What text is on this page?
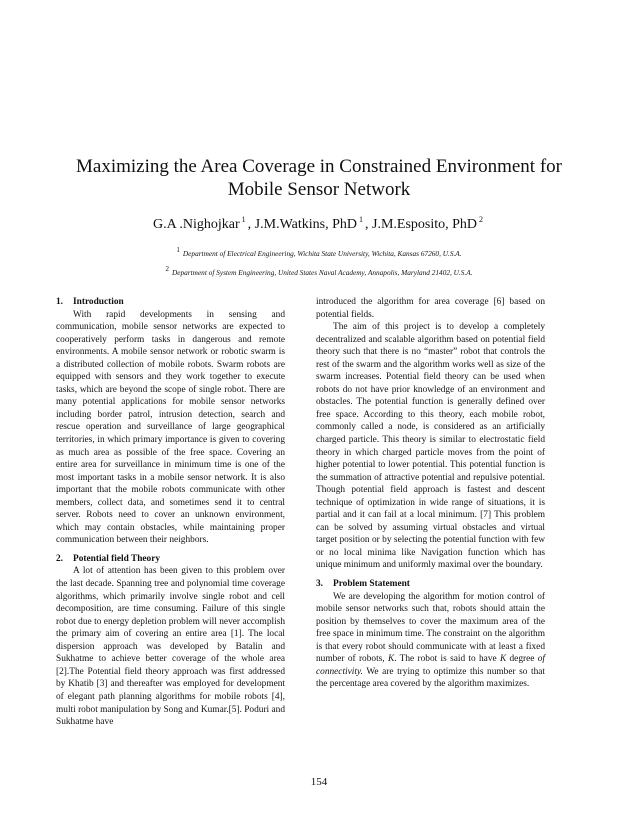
Maximizing the Area Coverage in Constrained Environment for Mobile Sensor Network
G.A .Nighojkar $^1$ , J.M.Watkins, PhD $^1$ , J.M.Esposito, PhD $^2$
$^1$ Department of Electrical Engineering, Wichita State University, Wichita, Kansas 67260, U.S.A.
$^2$ Department of System Engineering, United States Naval Academy, Annapolis, Maryland 21402, U.S.A.
1. Introduction

With rapid developments in sensing and communication, mobile sensor networks are expected to cooperatively perform tasks in dangerous and remote environments. A mobile sensor network or robotic swarm is a distributed collection of mobile robots. Swarm robots are equipped with sensors and they work together to execute tasks, which are beyond the scope of single robot. There are many potential applications for mobile sensor networks including border patrol, intrusion detection, search and rescue operation and surveillance of large geographical territories, in which primary importance is given to covering as much area as possible of the free space. Covering an entire area for surveillance in minimum time is one of the most important tasks in a mobile sensor network. It is also important that the mobile robots communicate with other members, collect data, and sometimes send it to central server. Robots need to cover an unknown environment, which may contain obstacles, while maintaining proper communication between their neighbors.

2. Potential field Theory

A lot of attention has been given to this problem over the last decade. Spanning tree and polynomial time coverage algorithms, which primarily involve single robot and cell decomposition, are time consuming. Failure of this single robot due to energy depletion problem will never accomplish the primary aim of covering an entire area [1]. The local dispersion approach was developed by Batalin and Sukhatme to achieve better coverage of the whole area [2].The Potential field theory approach was first addressed by Khatib [3] and thereafter was employed for development of elegant path planning algorithms for mobile robots [4], multi robot manipulation by Song and Kumar.[5]. Poduri and Sukhatme have

introduced the algorithm for area coverage [6] based on potential fields.

The aim of this project is to develop a completely decentralized and scalable algorithm based on potential field theory such that there is no “master” robot that controls the rest of the swarm and the algorithm works well as size of the swarm increases. Potential field theory can be used when robots do not have prior knowledge of an environment and obstacles. The potential function is generally defined over free space. According to this theory, each mobile robot, commonly called a node, is considered as an artificially charged particle. This theory is similar to electrostatic field theory in which charged particle moves from the point of higher potential to lower potential. This potential function is the summation of attractive potential and repulsive potential. Though potential field approach is fastest and descent technique of optimization in wide range of situations, it is partial and it can fail at a local minimum. [7] This problem can be solved by assuming virtual obstacles and virtual target position or by selecting the potential function with few or no local minima like Navigation function which has unique minimum and uniformly maximal over the boundary.

3. Problem Statement

We are developing the algorithm for motion control of mobile sensor networks such that, robots should attain the position by themselves to cover the maximum area of the free space in minimum time. The constraint on the algorithm is that every robot should communicate with at least a fixed number of robots, K. The robot is said to have K degree of connectivity. We are trying to optimize this number so that the percentage area covered by the algorithm maximizes.

154
